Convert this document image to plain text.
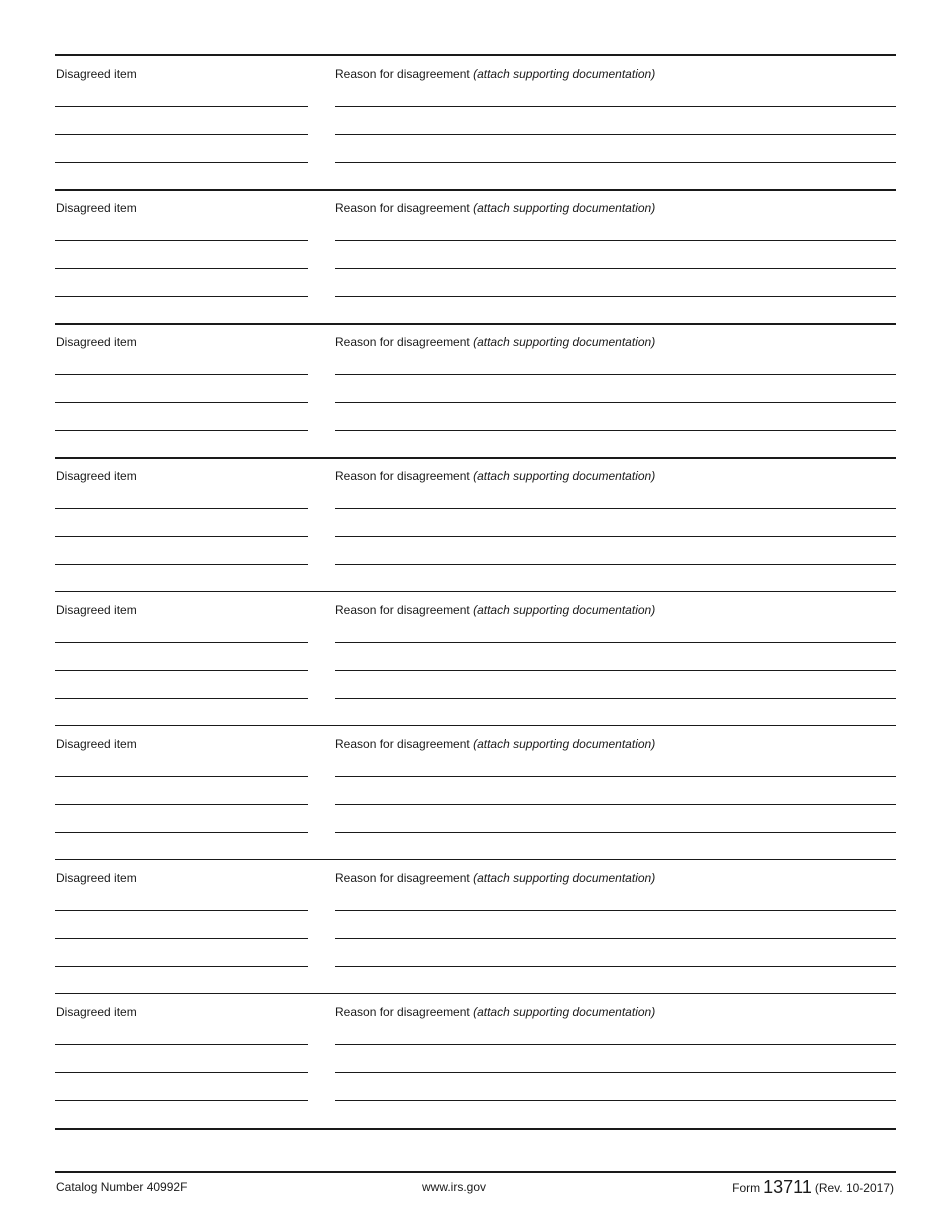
Disagreed item	Reason for disagreement (attach supporting documentation)
Disagreed item	Reason for disagreement (attach supporting documentation)
Disagreed item	Reason for disagreement (attach supporting documentation)
Disagreed item	Reason for disagreement (attach supporting documentation)
Disagreed item	Reason for disagreement (attach supporting documentation)
Disagreed item	Reason for disagreement (attach supporting documentation)
Disagreed item	Reason for disagreement (attach supporting documentation)
Disagreed item	Reason for disagreement (attach supporting documentation)
Catalog Number 40992F	www.irs.gov	Form 13711 (Rev. 10-2017)
